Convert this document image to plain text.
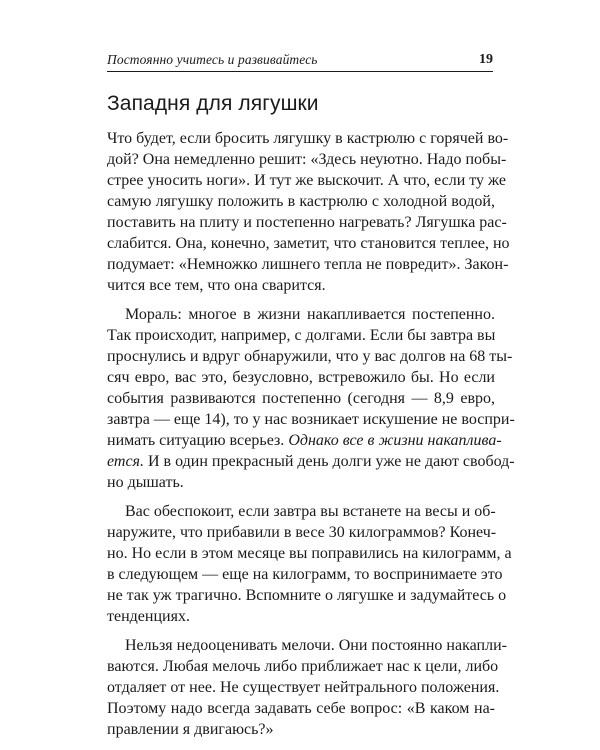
Постоянно учитесь и развивайтесь	19
Западня для лягушки
Что будет, если бросить лягушку в кастрюлю с горячей во-
дой? Она немедленно решит: «Здесь неуютно. Надо побы-
стрее уносить ноги». И тут же выскочит. А что, если ту же
самую лягушку положить в кастрюлю с холодной водой,
поставить на плиту и постепенно нагревать? Лягушка рас-
слабится. Она, конечно, заметит, что становится теплее, но
подумает: «Немножко лишнего тепла не повредит». Закон-
чится все тем, что она сварится.
Мораль: многое в жизни накапливается постепенно.
Так происходит, например, с долгами. Если бы завтра вы
проснулись и вдруг обнаружили, что у вас долгов на 68 ты-
сяч евро, вас это, безусловно, встревожило бы. Но если
события развиваются постепенно (сегодня — 8,9 евро,
завтра — еще 14), то у нас возникает искушение не воспри-
нимать ситуацию всерьез. Однако все в жизни накаплива-
ется. И в один прекрасный день долги уже не дают свобод-
но дышать.
Вас обеспокоит, если завтра вы встанете на весы и об-
наружите, что прибавили в весе 30 килограммов? Конеч-
но. Но если в этом месяце вы поправились на килограмм, а
в следующем — еще на килограмм, то воспринимаете это
не так уж трагично. Вспомните о лягушке и задумайтесь о
тенденциях.
Нельзя недооценивать мелочи. Они постоянно накапли-
ваются. Любая мелочь либо приближает нас к цели, либо
отдаляет от нее. Не существует нейтрального положения.
Поэтому надо всегда задавать себе вопрос: «В каком на-
правлении я двигаюсь?»
